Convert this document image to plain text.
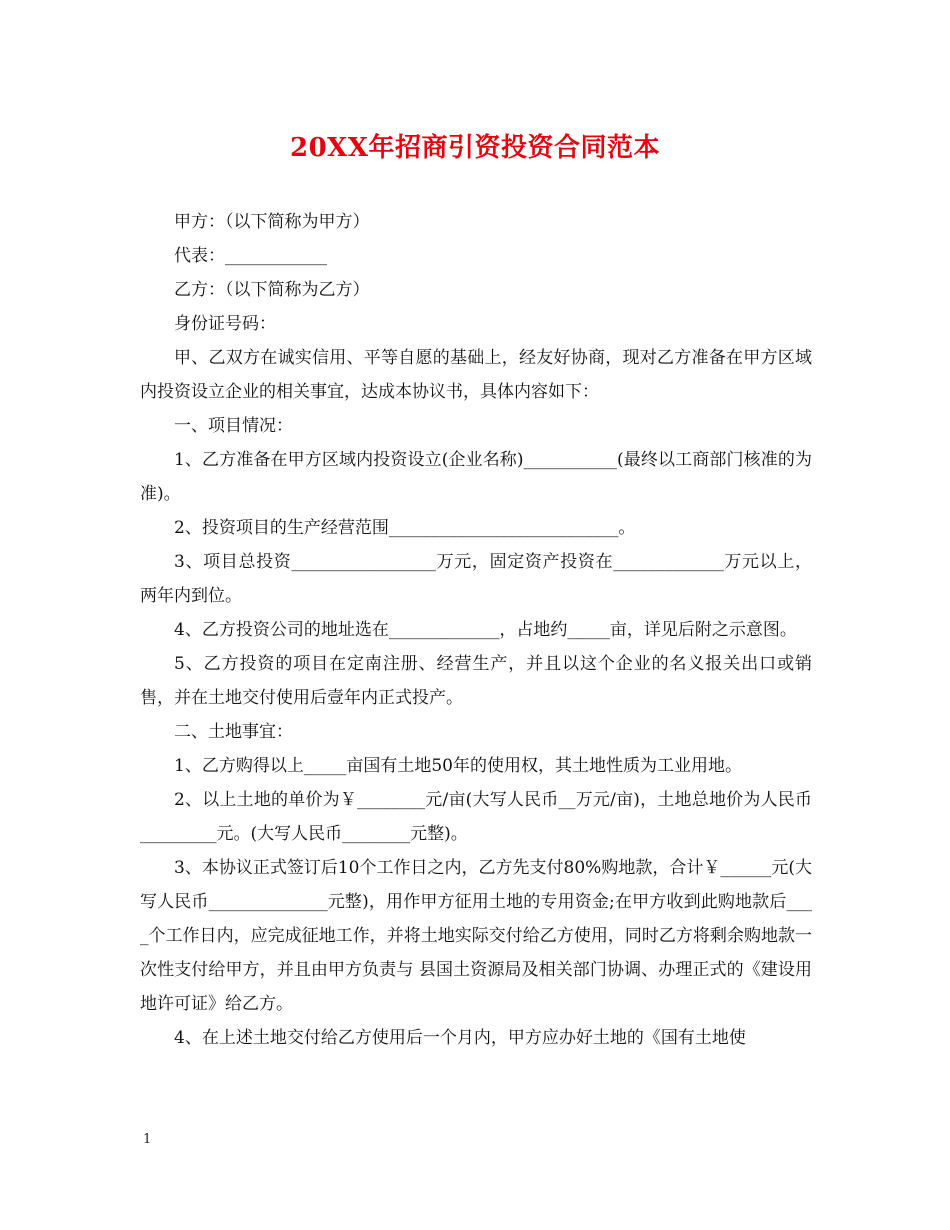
20XX年招商引资投资合同范本

甲方：（以下简称为甲方）

代表：____________

乙方：（以下简称为乙方）

身份证号码：

甲、乙双方在诚实信用、平等自愿的基础上，经友好协商，现对乙方准备在甲方区域内投资设立企业的相关事宜，达成本协议书，具体内容如下：

一、项目情况：

1、乙方准备在甲方区域内投资设立(企业名称)___________(最终以工商部门核准的为准)。

2、投资项目的生产经营范围___________________________。

3、项目总投资_________________万元，固定资产投资在_____________万元以上，两年内到位。

4、乙方投资公司的地址选在_____________，占地约_____亩，详见后附之示意图。

5、乙方投资的项目在定南注册、经营生产，并且以这个企业的名义报关出口或销售，并在土地交付使用后壹年内正式投产。

二、土地事宜：

1、乙方购得以上_____亩国有土地50年的使用权，其土地性质为工业用地。

2、以上土地的单价为￥________元/亩(大写人民币__万元/亩)，土地总地价为人民币_________元。(大写人民币________元整)。

3、本协议正式签订后10个工作日之内，乙方先支付80%购地款，合计￥______元(大写人民币______________元整)，用作甲方征用土地的专用资金;在甲方收到此购地款后____个工作日内，应完成征地工作，并将土地实际交付给乙方使用，同时乙方将剩余购地款一次性支付给甲方，并且由甲方负责与 县国土资源局及相关部门协调、办理正式的《建设用地许可证》给乙方。

4、在上述土地交付给乙方使用后一个月内，甲方应办好土地的《国有土地使

1
